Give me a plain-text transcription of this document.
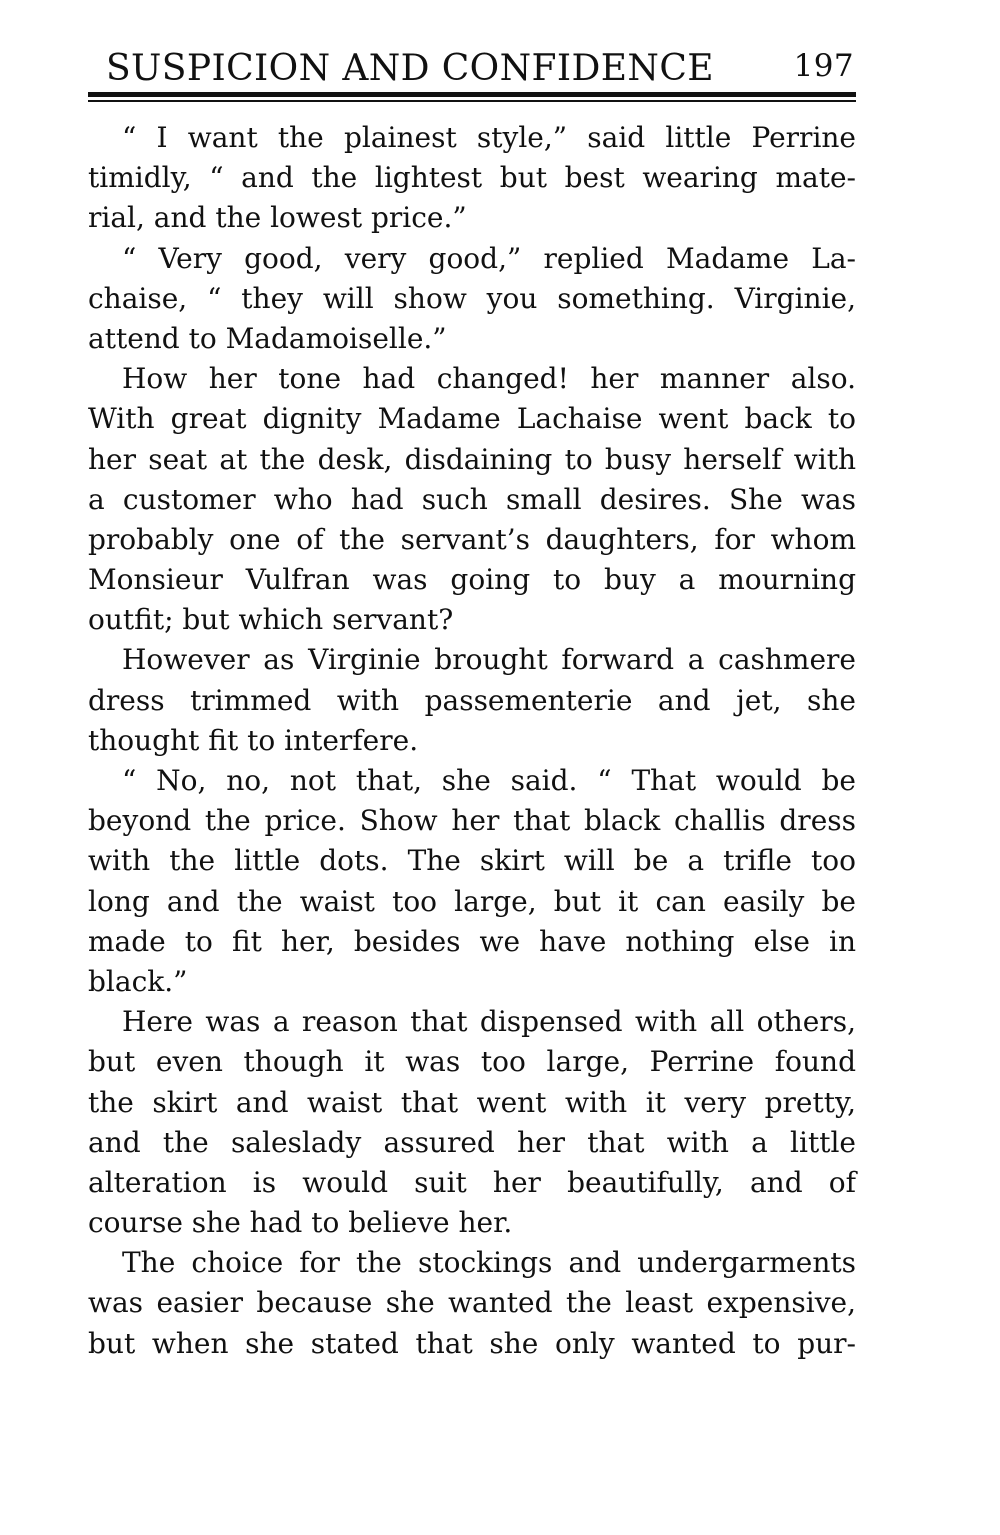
SUSPICION AND CONFIDENCE	197
“ I want the plainest style,” said little Perrine
timidly, “ and the lightest but best wearing mate-
rial, and the lowest price.”
“ Very good, very good,” replied Madame La-
chaise, “ they will show you something. Virginie,
attend to Madamoiselle.”
How her tone had changed! her manner also.
With great dignity Madame Lachaise went back to
her seat at the desk, disdaining to busy herself with
a customer who had such small desires. She was
probably one of the servant’s daughters, for whom
Monsieur Vulfran was going to buy a mourning
outfit; but which servant?
However as Virginie brought forward a cashmere
dress trimmed with passementerie and jet, she
thought fit to interfere.
“ No, no, not that, she said. “ That would be
beyond the price. Show her that black challis dress
with the little dots. The skirt will be a trifle too
long and the waist too large, but it can easily be
made to fit her, besides we have nothing else in
black.”
Here was a reason that dispensed with all others,
but even though it was too large, Perrine found
the skirt and waist that went with it very pretty,
and the saleslady assured her that with a little
alteration is would suit her beautifully, and of
course she had to believe her.
The choice for the stockings and undergarments
was easier because she wanted the least expensive,
but when she stated that she only wanted to pur-
